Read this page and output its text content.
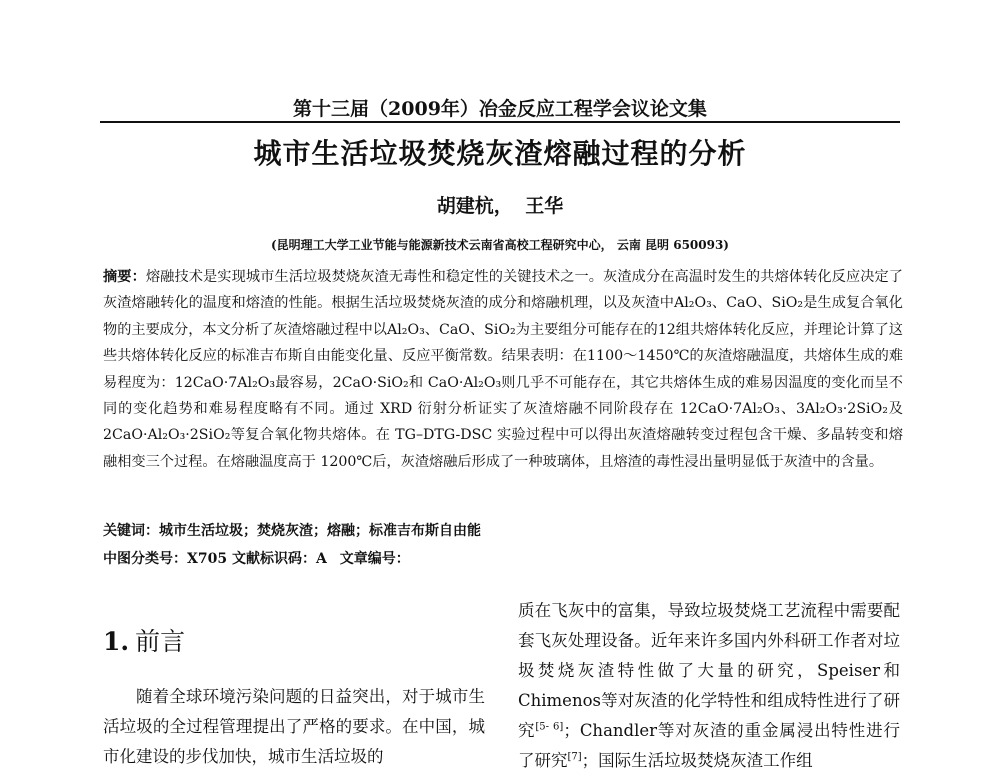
第十三届（2009年）冶金反应工程学会议论文集
城市生活垃圾焚烧灰渣熔融过程的分析
胡建杭， 王华
(昆明理工大学工业节能与能源新技术云南省高校工程研究中心， 云南 昆明 650093)
摘要：熔融技术是实现城市生活垃圾焚烧灰渣无毒性和稳定性的关键技术之一。灰渣成分在高温时发生的共熔体转化反应决定了灰渣熔融转化的温度和熔渣的性能。根据生活垃圾焚烧灰渣的成分和熔融机理，以及灰渣中Al₂O₃、CaO、SiO₂是生成复合氧化物的主要成分，本文分析了灰渣熔融过程中以Al₂O₃、CaO、SiO₂为主要组分可能存在的12组共熔体转化反应，并理论计算了这些共熔体转化反应的标准吉布斯自由能变化量、反应平衡常数。结果表明：在1100～1450℃的灰渣熔融温度，共熔体生成的难易程度为：12CaO·7Al₂O₃最容易，2CaO·SiO₂和 CaO·Al₂O₃则几乎不可能存在，其它共熔体生成的难易因温度的变化而呈不同的变化趋势和难易程度略有不同。通过 XRD 衍射分析证实了灰渣熔融不同阶段存在 12CaO·7Al₂O₃、3Al₂O₃·2SiO₂及 2CaO·Al₂O₃·2SiO₂等复合氧化物共熔体。在 TG–DTG-DSC 实验过程中可以得出灰渣熔融转变过程包含干燥、多晶转变和熔融相变三个过程。在熔融温度高于 1200℃后，灰渣熔融后形成了一种玻璃体，且熔渣的毒性浸出量明显低于灰渣中的含量。
关键词：城市生活垃圾；焚烧灰渣；熔融；标准吉布斯自由能
中图分类号：X705 文献标识码：A 文章编号：
1. 前言
随着全球环境污染问题的日益突出，对于城市生活垃圾的全过程管理提出了严格的要求。在中国，城市化建设的步伐加快，城市生活垃圾的
质在飞灰中的富集，导致垃圾焚烧工艺流程中需要配套飞灰处理设备。近年来许多国内外科研工作者对垃圾焚烧灰渣特性做了大量的研究，Speiser和Chimenos等对灰渣的化学特性和组成特性进行了研究[5- 6]；Chandler等对灰渣的重金属浸出特性进行了研究[7]；国际生活垃圾焚烧灰渣工作组
